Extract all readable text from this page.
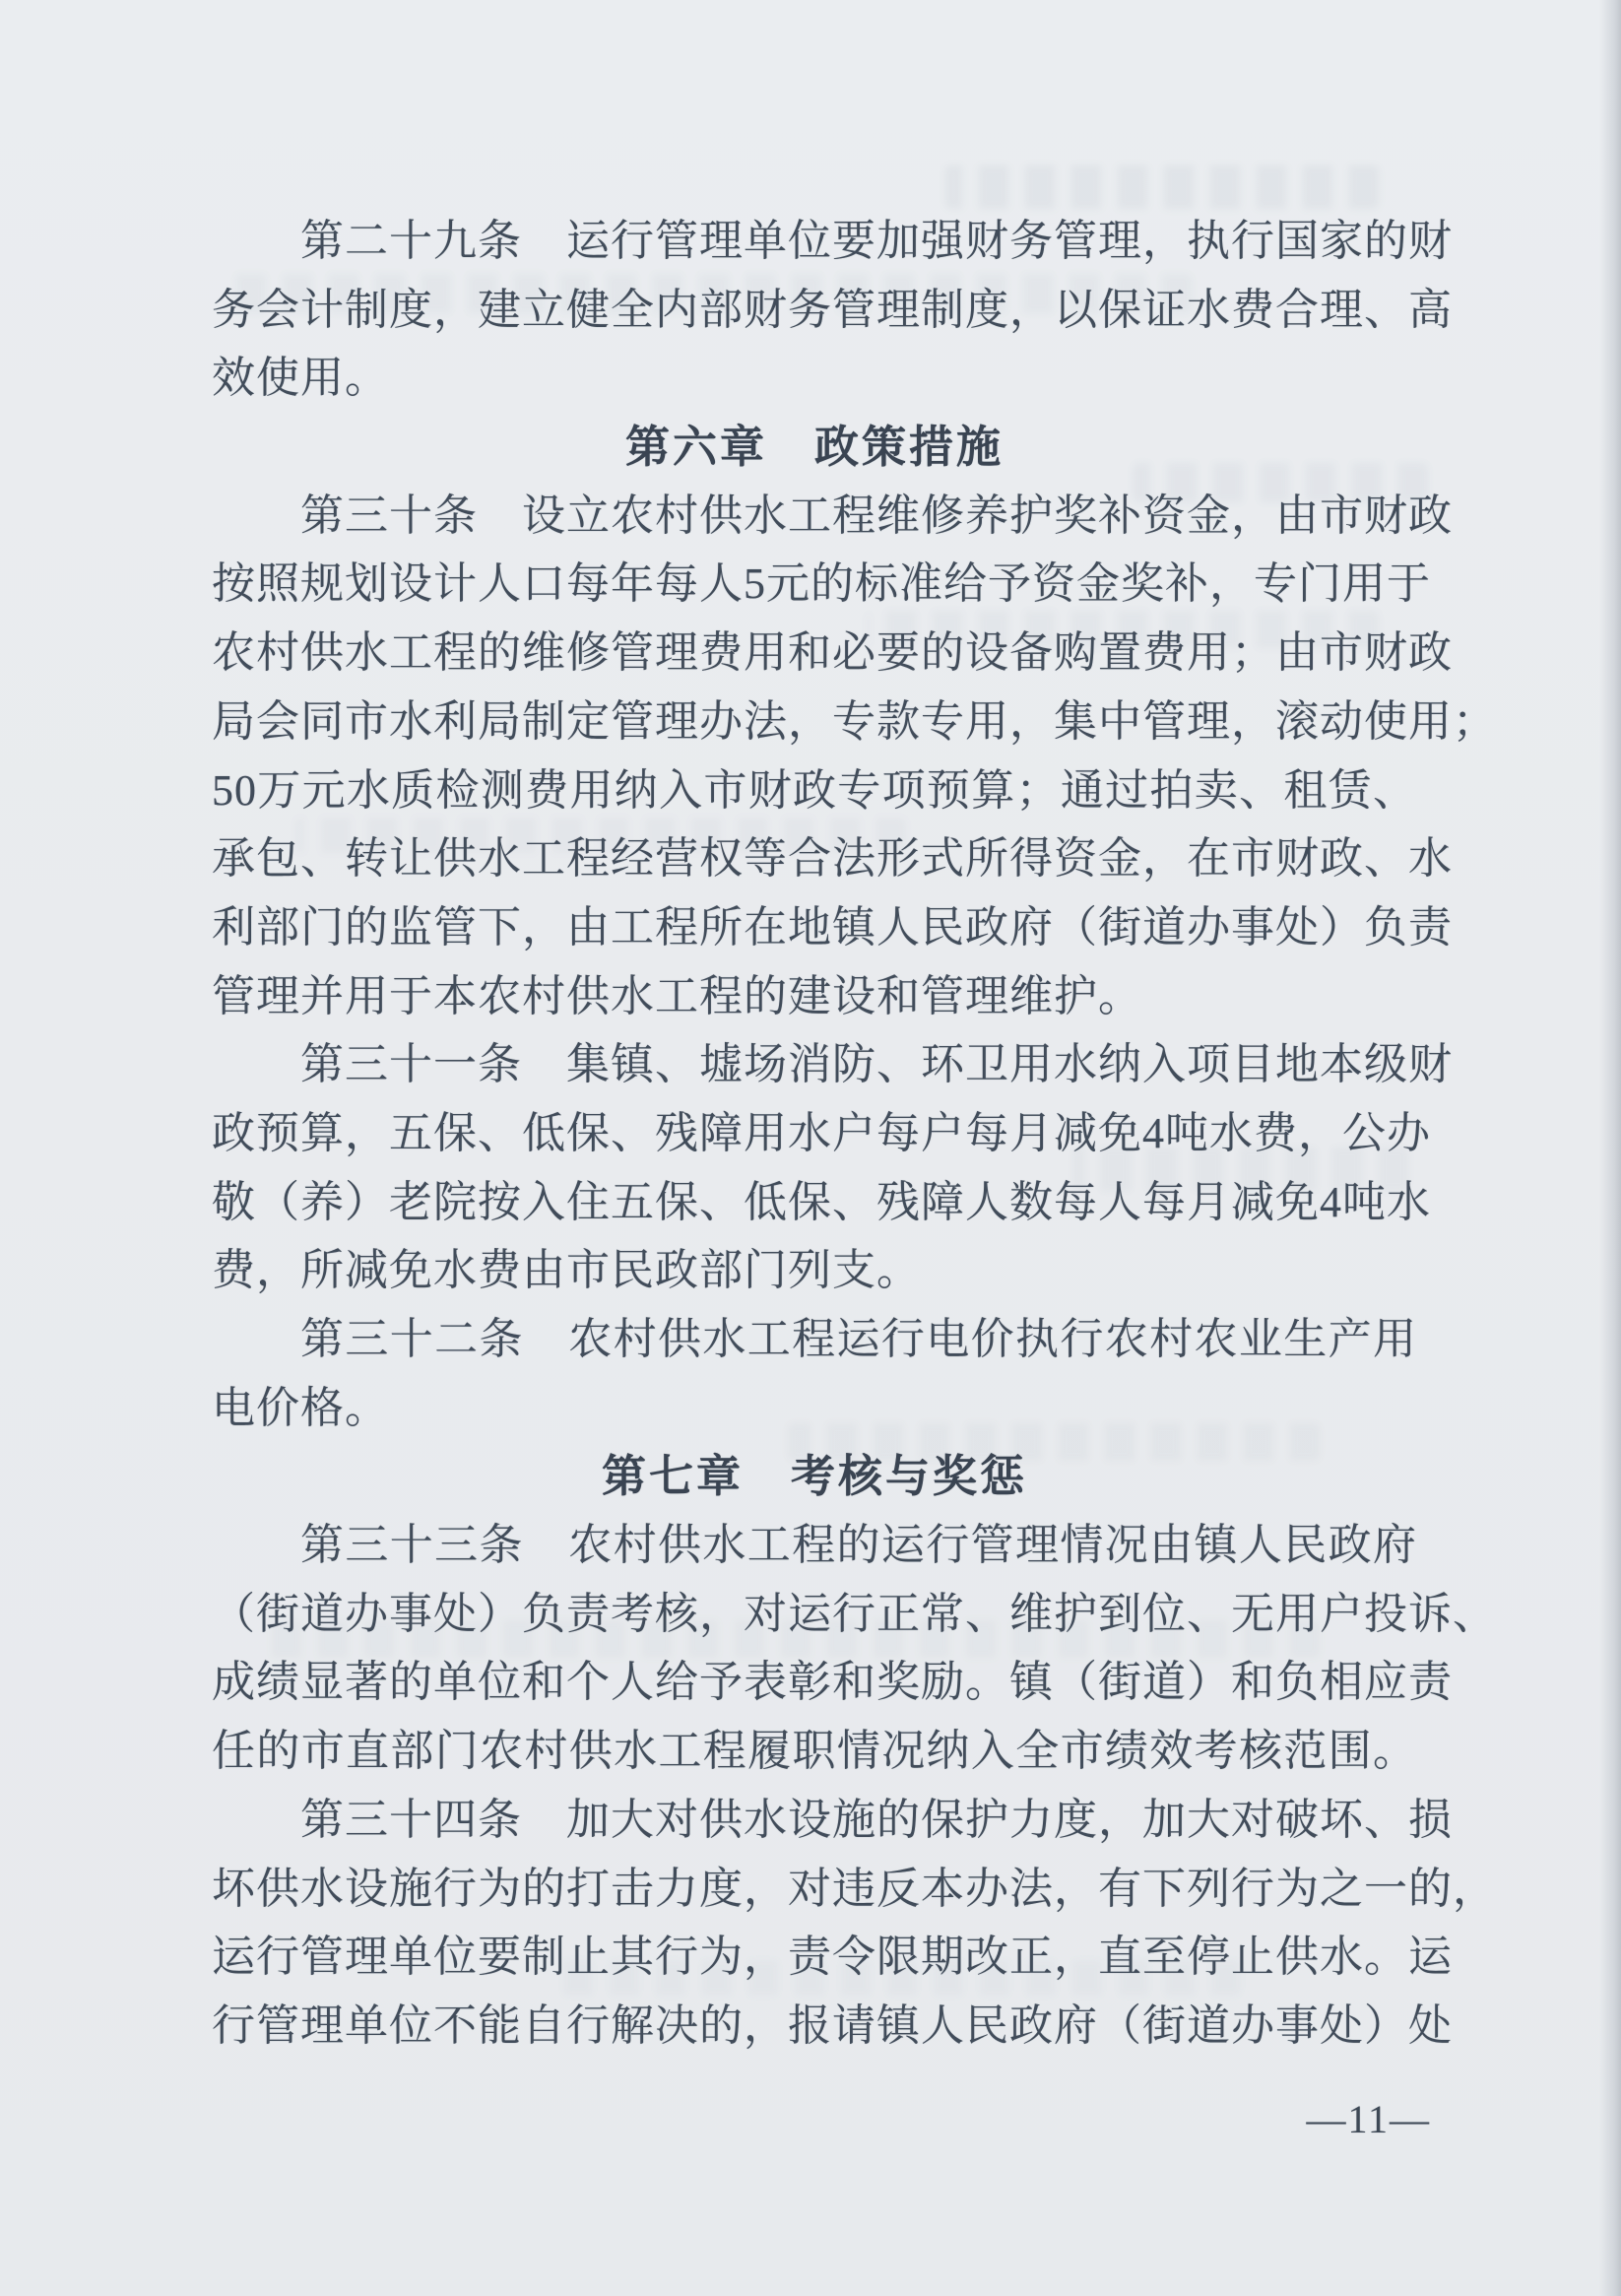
第二十九条　运行管理单位要加强财务管理，执行国家的财
务会计制度，建立健全内部财务管理制度，以保证水费合理、高
效使用。
第六章　政策措施
第三十条　设立农村供水工程维修养护奖补资金，由市财政
按照规划设计人口每年每人5元的标准给予资金奖补，专门用于
农村供水工程的维修管理费用和必要的设备购置费用；由市财政
局会同市水利局制定管理办法，专款专用，集中管理，滚动使用；
50万元水质检测费用纳入市财政专项预算；通过拍卖、租赁、
承包、转让供水工程经营权等合法形式所得资金，在市财政、水
利部门的监管下，由工程所在地镇人民政府（街道办事处）负责
管理并用于本农村供水工程的建设和管理维护。
第三十一条　集镇、墟场消防、环卫用水纳入项目地本级财
政预算，五保、低保、残障用水户每户每月减免4吨水费，公办
敬（养）老院按入住五保、低保、残障人数每人每月减免4吨水
费，所减免水费由市民政部门列支。
第三十二条　农村供水工程运行电价执行农村农业生产用
电价格。
第七章　考核与奖惩
第三十三条　农村供水工程的运行管理情况由镇人民政府
（街道办事处）负责考核，对运行正常、维护到位、无用户投诉、
成绩显著的单位和个人给予表彰和奖励。镇（街道）和负相应责
任的市直部门农村供水工程履职情况纳入全市绩效考核范围。
第三十四条　加大对供水设施的保护力度，加大对破坏、损
坏供水设施行为的打击力度，对违反本办法，有下列行为之一的，
运行管理单位要制止其行为，责令限期改正，直至停止供水。运
行管理单位不能自行解决的，报请镇人民政府（街道办事处）处
—11—
